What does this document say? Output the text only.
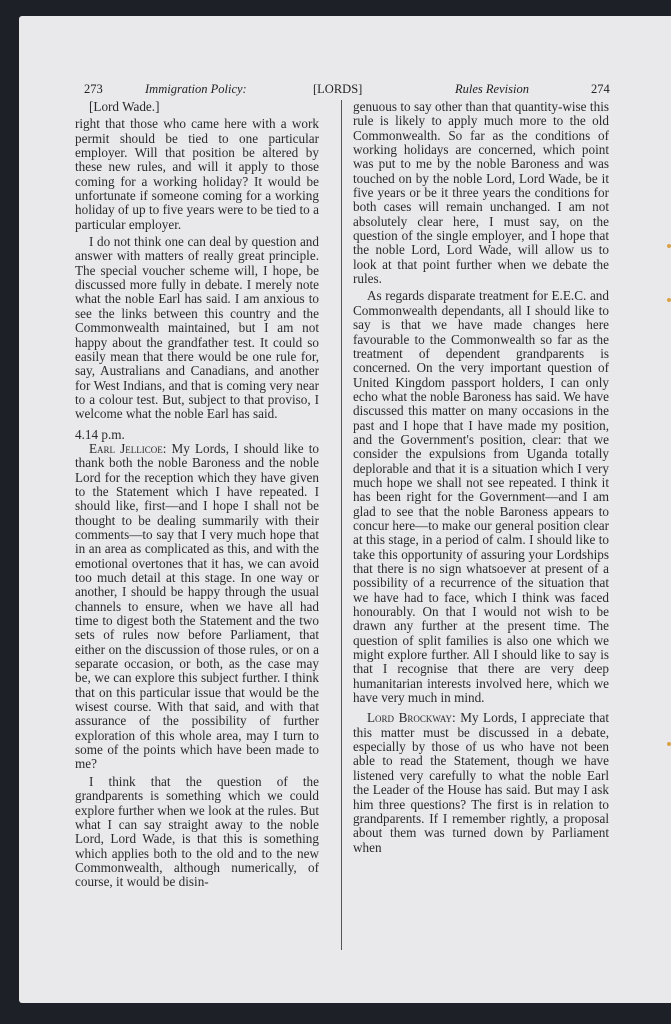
273	Immigration Policy:	[LORDS]	Rules Revision	274

[Lord Wade.]

right that those who came here with a work permit should be tied to one particular employer. Will that position be altered by these new rules, and will it apply to those coming for a working holiday? It would be unfortunate if someone coming for a working holiday of up to five years were to be tied to a particular employer.

I do not think one can deal by question and answer with matters of really great principle. The special voucher scheme will, I hope, be discussed more fully in debate. I merely note what the noble Earl has said. I am anxious to see the links between this country and the Commonwealth maintained, but I am not happy about the grandfather test. It could so easily mean that there would be one rule for, say, Australians and Canadians, and another for West Indians, and that is coming very near to a colour test. But, subject to that proviso, I welcome what the noble Earl has said.

4.14 p.m.

Earl Jellicoe: My Lords, I should like to thank both the noble Baroness and the noble Lord for the reception which they have given to the Statement which I have repeated. I should like, first—and I hope I shall not be thought to be dealing summarily with their comments—to say that I very much hope that in an area as complicated as this, and with the emotional overtones that it has, we can avoid too much detail at this stage. In one way or another, I should be happy through the usual channels to ensure, when we have all had time to digest both the Statement and the two sets of rules now before Parliament, that either on the discussion of those rules, or on a separate occasion, or both, as the case may be, we can explore this subject further. I think that on this particular issue that would be the wisest course. With that said, and with that assurance of the possibility of further exploration of this whole area, may I turn to some of the points which have been made to me?

I think that the question of the grandparents is something which we could explore further when we look at the rules. But what I can say straight away to the noble Lord, Lord Wade, is that this is something which applies both to the old and to the new Commonwealth, although numerically, of course, it would be disin-

genuous to say other than that quantity-wise this rule is likely to apply much more to the old Commonwealth. So far as the conditions of working holidays are concerned, which point was put to me by the noble Baroness and was touched on by the noble Lord, Lord Wade, be it five years or be it three years the conditions for both cases will remain unchanged. I am not absolutely clear here, I must say, on the question of the single employer, and I hope that the noble Lord, Lord Wade, will allow us to look at that point further when we debate the rules.

As regards disparate treatment for E.E.C. and Commonwealth dependants, all I should like to say is that we have made changes here favourable to the Commonwealth so far as the treatment of dependent grandparents is concerned. On the very important question of United Kingdom passport holders, I can only echo what the noble Baroness has said. We have discussed this matter on many occasions in the past and I hope that I have made my position, and the Government's position, clear: that we consider the expulsions from Uganda totally deplorable and that it is a situation which I very much hope we shall not see repeated. I think it has been right for the Government—and I am glad to see that the noble Baroness appears to concur here—to make our general position clear at this stage, in a period of calm. I should like to take this opportunity of assuring your Lordships that there is no sign whatsoever at present of a possibility of a recurrence of the situation that we have had to face, which I think was faced honourably. On that I would not wish to be drawn any further at the present time. The question of split families is also one which we might explore further. All I should like to say is that I recognise that there are very deep humanitarian interests involved here, which we have very much in mind.

Lord Brockway: My Lords, I appreciate that this matter must be discussed in a debate, especially by those of us who have not been able to read the Statement, though we have listened very carefully to what the noble Earl the Leader of the House has said. But may I ask him three questions? The first is in relation to grandparents. If I remember rightly, a proposal about them was turned down by Parliament when
